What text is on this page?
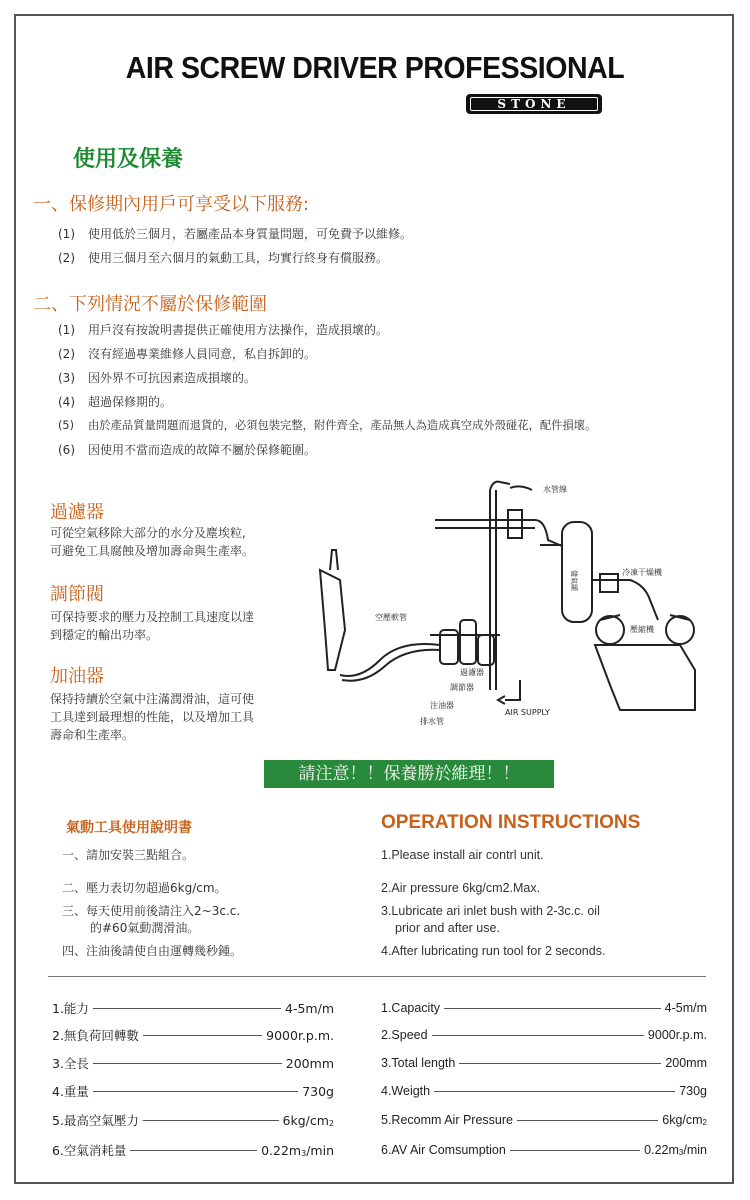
AIR SCREW DRIVER PROFESSIONAL
STONE
使用及保養
一、保修期內用戶可享受以下服務:
(1) 使用低於三個月，若屬產品本身質量問題，可免費予以維修。
(2) 使用三個月至六個月的氣動工具，均實行終身有償服務。
二、下列情況不屬於保修範圍
(1) 用戶沒有按說明書提供正確使用方法操作，造成損壞的。
(2) 沒有經過專業維修人員同意，私自拆卸的。
(3) 因外界不可抗因素造成損壞的。
(4) 超過保修期的。
(5) 由於產品質量問題而退貨的，必須包裝完整，附件齊全，產品無人為造成真空成外殼碰花，配件損壞。
(6) 因使用不當而造成的故障不屬於保修範圍。
過濾器
可從空氣移除大部分的水分及塵埃粒,
可避免工具腐蝕及增加壽命與生產率。
調節閥
可保持要求的壓力及控制工具速度以達
到穩定的輸出功率。
加油器
保持持續於空氣中注滿潤滑油，這可使
工具達到最理想的性能，以及增加工具
壽命和生產率。
水管線
儲氣罐	冷凍干燥機
壓縮機
空壓軟管
過濾器
調節器
注油器
排水管
AIR SUPPLY
請注意！！保養勝於維理！！
氣動工具使用說明書	OPERATION INSTRUCTIONS
一、請加安裝三點組合。
二、壓力表切勿超過6kg/cm。
三、每天使用前後請注入2~3c.c.
的#60氣動潤滑油。
四、注油後請使自由運轉幾秒鍾。
1.Please install air contrl unit.
2.Air pressure 6kg/cm2.Max.
3.Lubricate ari inlet bush with 2-3c.c. oil
prior and after use.
4.After lubricating run tool for 2 seconds.
1.能力	4-5m/m
2.無負荷回轉數	9000r.p.m.
3.全長	200mm
4.重量	730g
5.最高空氣壓力	$6kg/cm_2$
6.空氣消耗量	$0.22m_3/\min$
1.Capacity	4-5m/m
2.Speed	9000r.p.m.
3.Total length	200mm
4.Weigth	730g
5.Recomm Air Pressure	$6kg/cm_2$
6.AV Air Comsumption	$0.22m_3/\min$
